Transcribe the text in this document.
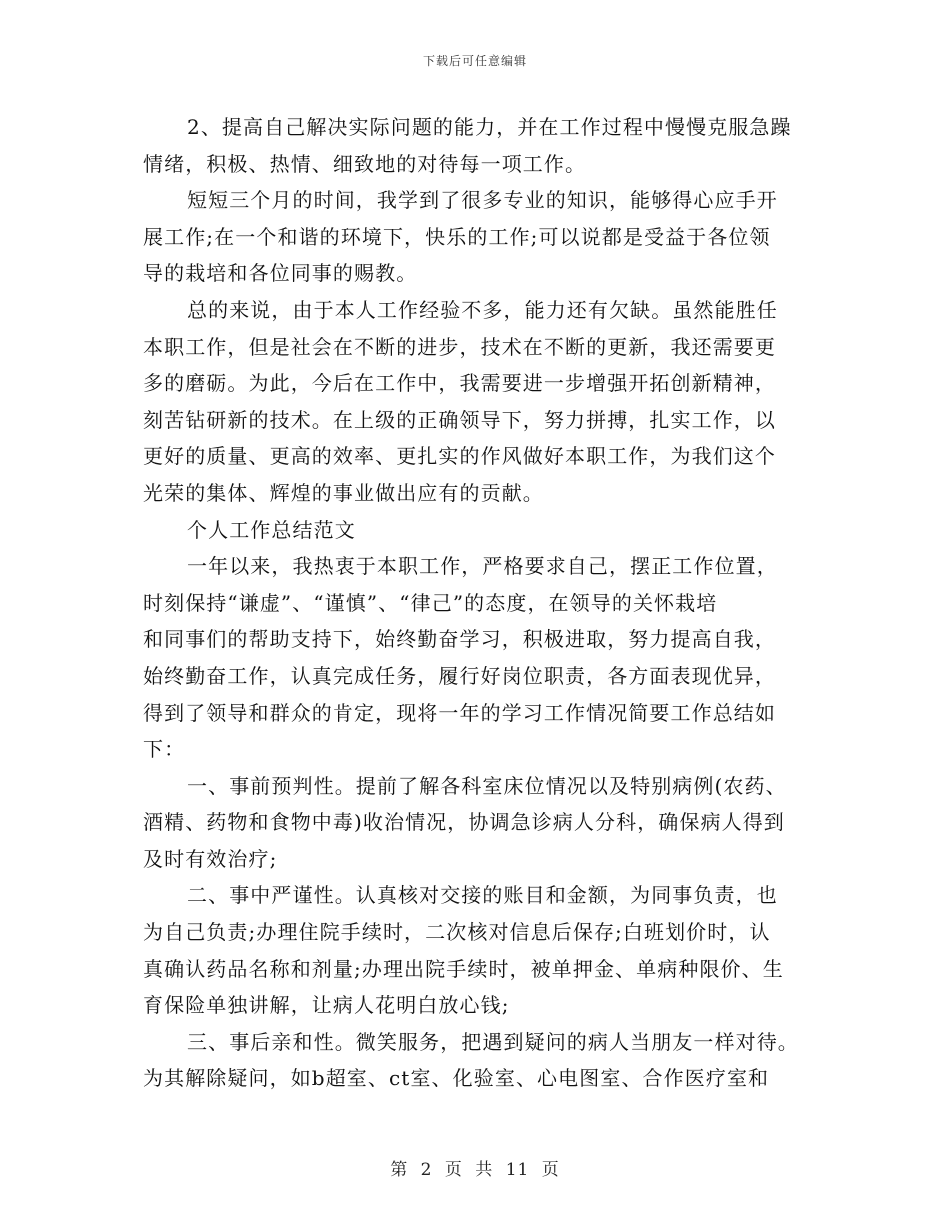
下载后可任意编辑
2、提高自己解决实际问题的能力，并在工作过程中慢慢克服急躁
情绪，积极、热情、细致地的对待每一项工作。
短短三个月的时间，我学到了很多专业的知识，能够得心应手开
展工作;在一个和谐的环境下，快乐的工作;可以说都是受益于各位领
导的栽培和各位同事的赐教。
总的来说，由于本人工作经验不多，能力还有欠缺。虽然能胜任
本职工作，但是社会在不断的进步，技术在不断的更新，我还需要更
多的磨砺。为此，今后在工作中，我需要进一步增强开拓创新精神，
刻苦钻研新的技术。在上级的正确领导下，努力拼搏，扎实工作，以
更好的质量、更高的效率、更扎实的作风做好本职工作，为我们这个
光荣的集体、辉煌的事业做出应有的贡献。
个人工作总结范文
一年以来，我热衷于本职工作，严格要求自己，摆正工作位置，
时刻保持“谦虚”、“谨慎”、“律己”的态度，在领导的关怀栽培
和同事们的帮助支持下，始终勤奋学习，积极进取，努力提高自我，
始终勤奋工作，认真完成任务，履行好岗位职责，各方面表现优异，
得到了领导和群众的肯定，现将一年的学习工作情况简要工作总结如
下：
一、事前预判性。提前了解各科室床位情况以及特别病例(农药、
酒精、药物和食物中毒)收治情况，协调急诊病人分科，确保病人得到
及时有效治疗;
二、事中严谨性。认真核对交接的账目和金额，为同事负责，也
为自己负责;办理住院手续时，二次核对信息后保存;白班划价时，认
真确认药品名称和剂量;办理出院手续时，被单押金、单病种限价、生
育保险单独讲解，让病人花明白放心钱;
三、事后亲和性。微笑服务，把遇到疑问的病人当朋友一样对待。
为其解除疑问，如b超室、ct室、化验室、心电图室、合作医疗室和
第 2 页 共 11 页
